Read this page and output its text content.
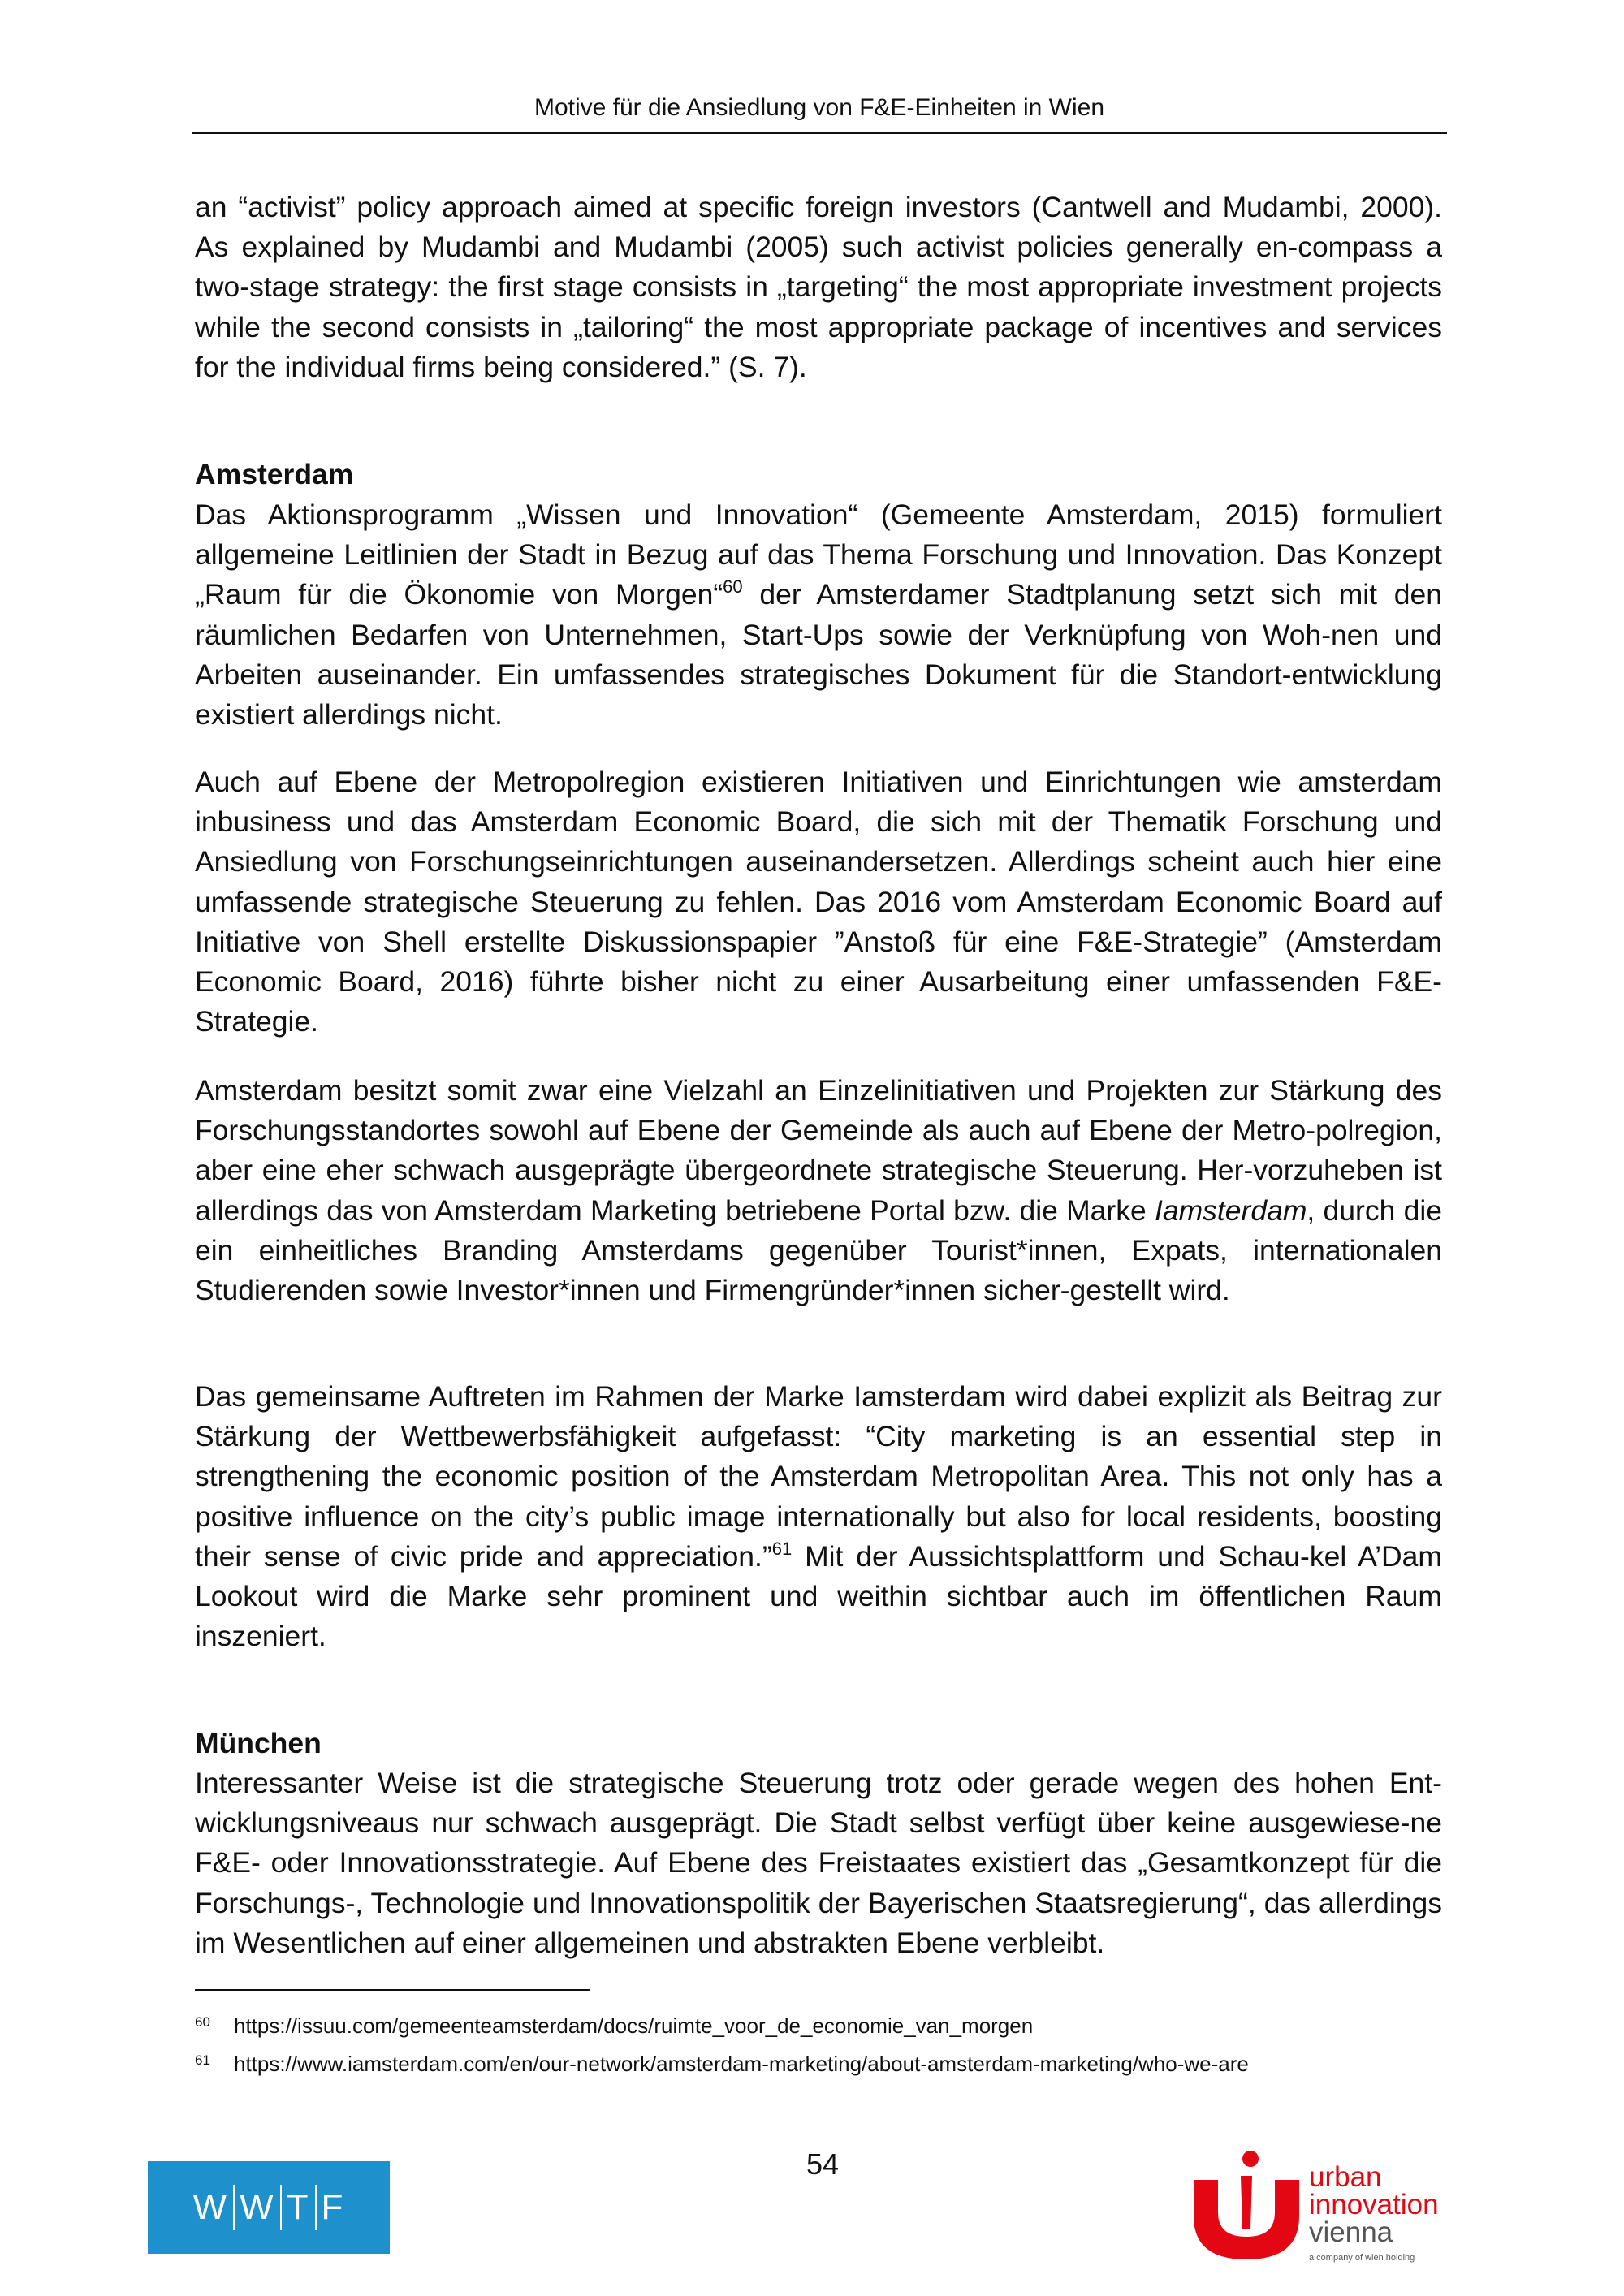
Motive für die Ansiedlung von F&E-Einheiten in Wien

an “activist” policy approach aimed at specific foreign investors (Cantwell and Mudambi, 2000). As explained by Mudambi and Mudambi (2005) such activist policies generally en-compass a two-stage strategy: the first stage consists in „targeting“ the most appropriate investment projects while the second consists in „tailoring“ the most appropriate package of incentives and services for the individual firms being considered.” (S. 7).

Amsterdam

Das Aktionsprogramm „Wissen und Innovation“ (Gemeente Amsterdam, 2015) formuliert allgemeine Leitlinien der Stadt in Bezug auf das Thema Forschung und Innovation. Das Konzept „Raum für die Ökonomie von Morgen“$^{60}$ der Amsterdamer Stadtplanung setzt sich mit den räumlichen Bedarfen von Unternehmen, Start-Ups sowie der Verknüpfung von Woh-nen und Arbeiten auseinander. Ein umfassendes strategisches Dokument für die Standort-entwicklung existiert allerdings nicht.

Auch auf Ebene der Metropolregion existieren Initiativen und Einrichtungen wie amsterdam inbusiness und das Amsterdam Economic Board, die sich mit der Thematik Forschung und Ansiedlung von Forschungseinrichtungen auseinandersetzen. Allerdings scheint auch hier eine umfassende strategische Steuerung zu fehlen. Das 2016 vom Amsterdam Economic Board auf Initiative von Shell erstellte Diskussionspapier ”Anstoß für eine F&E-Strategie” (Amsterdam Economic Board, 2016) führte bisher nicht zu einer Ausarbeitung einer umfassenden F&E-Strategie.

Amsterdam besitzt somit zwar eine Vielzahl an Einzelinitiativen und Projekten zur Stärkung des Forschungsstandortes sowohl auf Ebene der Gemeinde als auch auf Ebene der Metro-polregion, aber eine eher schwach ausgeprägte übergeordnete strategische Steuerung. Her-vorzuheben ist allerdings das von Amsterdam Marketing betriebene Portal bzw. die Marke Iamsterdam, durch die ein einheitliches Branding Amsterdams gegenüber Tourist*innen, Expats, internationalen Studierenden sowie Investor*innen und Firmengründer*innen sicher-gestellt wird.

Das gemeinsame Auftreten im Rahmen der Marke Iamsterdam wird dabei explizit als Beitrag zur Stärkung der Wettbewerbsfähigkeit aufgefasst: “City marketing is an essential step in strengthening the economic position of the Amsterdam Metropolitan Area. This not only has a positive influence on the city’s public image internationally but also for local residents, boosting their sense of civic pride and appreciation.”$^{61}$ Mit der Aussichtsplattform und Schau-kel A’Dam Lookout wird die Marke sehr prominent und weithin sichtbar auch im öffentlichen Raum inszeniert.

München

Interessanter Weise ist die strategische Steuerung trotz oder gerade wegen des hohen Ent-wicklungsniveaus nur schwach ausgeprägt. Die Stadt selbst verfügt über keine ausgewiese-ne F&E- oder Innovationsstrategie. Auf Ebene des Freistaates existiert das „Gesamtkonzept für die Forschungs-, Technologie und Innovationspolitik der Bayerischen Staatsregierung“, das allerdings im Wesentlichen auf einer allgemeinen und abstrakten Ebene verbleibt.

60 https://issuu.com/gemeenteamsterdam/docs/ruimte_voor_de_economie_van_morgen
61 https://www.iamsterdam.com/en/our-network/amsterdam-marketing/about-amsterdam-marketing/who-we-are
54
W W T F
urban
innovation
vienna
a company of wien holding
